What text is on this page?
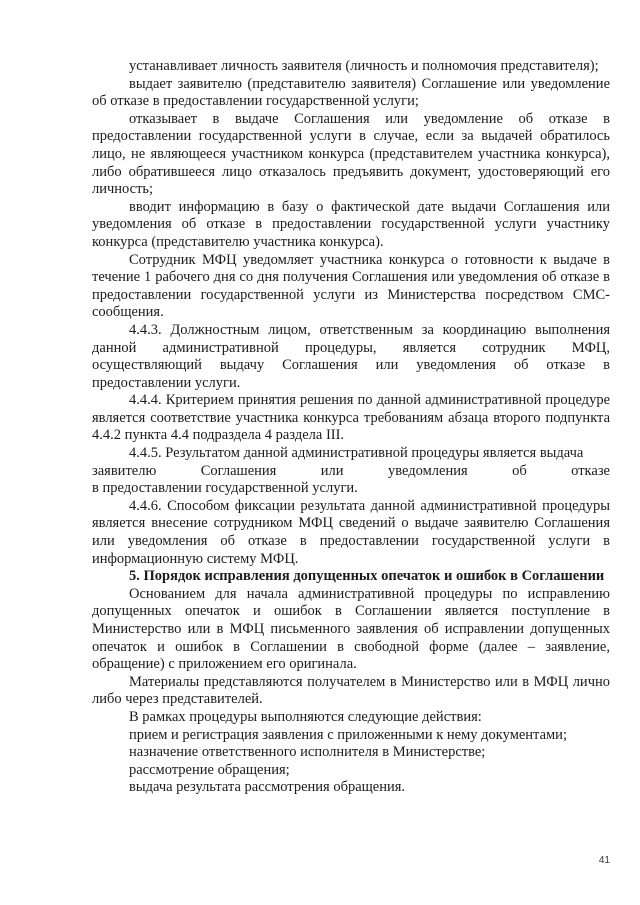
устанавливает личность заявителя (личность и полномочия представителя);

выдает заявителю (представителю заявителя) Соглашение или уведомление об отказе в предоставлении государственной услуги;

отказывает в выдаче Соглашения или уведомление об отказе в предоставлении государственной услуги в случае, если за выдачей обратилось лицо, не являющееся участником конкурса (представителем участника конкурса), либо обратившееся лицо отказалось предъявить документ, удостоверяющий его личность;

вводит информацию в базу о фактической дате выдачи Соглашения или уведомления об отказе в предоставлении государственной услуги участнику конкурса (представителю участника конкурса).

Сотрудник МФЦ уведомляет участника конкурса о готовности к выдаче в течение 1 рабочего дня со дня получения Соглашения или уведомления об отказе в предоставлении государственной услуги из Министерства посредством СМС-сообщения.

4.4.3. Должностным лицом, ответственным за координацию выполнения данной административной процедуры, является сотрудник МФЦ, осуществляющий выдачу Соглашения или уведомления об отказе в предоставлении услуги.

4.4.4. Критерием принятия решения по данной административной процедуре является соответствие участника конкурса требованиям абзаца второго подпункта 4.4.2 пункта 4.4 подраздела 4 раздела III.

4.4.5. Результатом данной административной процедуры является выдача

заявителю Соглашения или уведомления об отказе

в предоставлении государственной услуги.

4.4.6. Способом фиксации результата данной административной процедуры является внесение сотрудником МФЦ сведений о выдаче заявителю Соглашения или уведомления об отказе в предоставлении государственной услуги в информационную систему МФЦ.

5. Порядок исправления допущенных опечаток и ошибок в Соглашении

Основанием для начала административной процедуры по исправлению допущенных опечаток и ошибок в Соглашении является поступление в Министерство или в МФЦ письменного заявления об исправлении допущенных опечаток и ошибок в Соглашении в свободной форме (далее – заявление, обращение) с приложением его оригинала.

Материалы представляются получателем в Министерство или в МФЦ лично либо через представителей.

В рамках процедуры выполняются следующие действия:

прием и регистрация заявления с приложенными к нему документами;

назначение ответственного исполнителя в Министерстве;

рассмотрение обращения;

выдача результата рассмотрения обращения.

41
